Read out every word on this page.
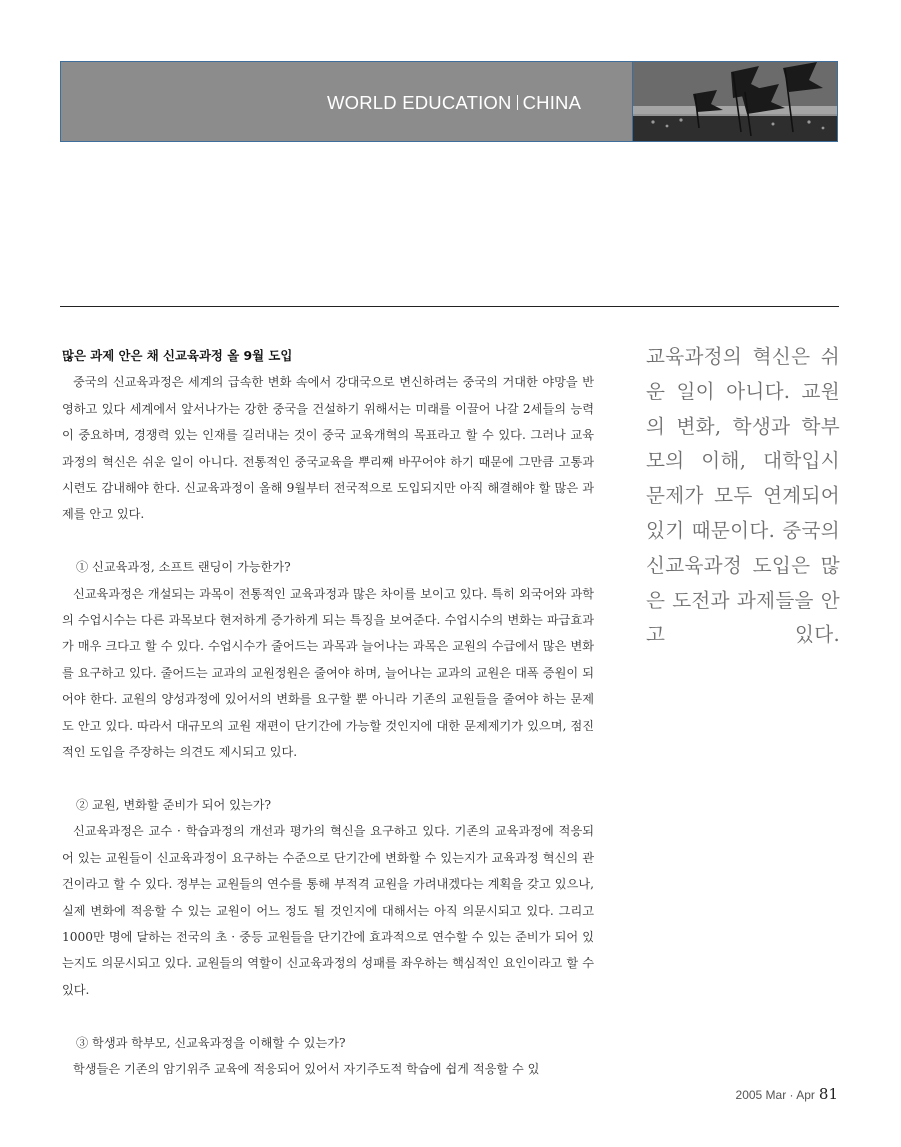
WORLD EDUCATION CHINA

많은 과제 안은 채 신교육과정 올 9월 도입

중국의 신교육과정은 세계의 급속한 변화 속에서 강대국으로 변신하려는 중국의 거대한 야망을 반영하고 있다 세계에서 앞서나가는 강한 중국을 건설하기 위해서는 미래를 이끌어 나갈 2세들의 능력이 중요하며, 경쟁력 있는 인재를 길러내는 것이 중국 교육개혁의 목표라고 할 수 있다. 그러나 교육과정의 혁신은 쉬운 일이 아니다. 전통적인 중국교육을 뿌리째 바꾸어야 하기 때문에 그만큼 고통과 시련도 감내해야 한다. 신교육과정이 올해 9월부터 전국적으로 도입되지만 아직 해결해야 할 많은 과제를 안고 있다.

① 신교육과정, 소프트 랜딩이 가능한가?

신교육과정은 개설되는 과목이 전통적인 교육과정과 많은 차이를 보이고 있다. 특히 외국어와 과학의 수업시수는 다른 과목보다 현저하게 증가하게 되는 특징을 보여준다. 수업시수의 변화는 파급효과가 매우 크다고 할 수 있다. 수업시수가 줄어드는 과목과 늘어나는 과목은 교원의 수급에서 많은 변화를 요구하고 있다. 줄어드는 교과의 교원정원은 줄여야 하며, 늘어나는 교과의 교원은 대폭 증원이 되어야 한다. 교원의 양성과정에 있어서의 변화를 요구할 뿐 아니라 기존의 교원들을 줄여야 하는 문제도 안고 있다. 따라서 대규모의 교원 재편이 단기간에 가능할 것인지에 대한 문제제기가 있으며, 점진적인 도입을 주장하는 의견도 제시되고 있다.

② 교원, 변화할 준비가 되어 있는가?

신교육과정은 교수 · 학습과정의 개선과 평가의 혁신을 요구하고 있다. 기존의 교육과정에 적응되어 있는 교원들이 신교육과정이 요구하는 수준으로 단기간에 변화할 수 있는지가 교육과정 혁신의 관건이라고 할 수 있다. 정부는 교원들의 연수를 통해 부적격 교원을 가려내겠다는 계획을 갖고 있으나, 실제 변화에 적응할 수 있는 교원이 어느 정도 될 것인지에 대해서는 아직 의문시되고 있다. 그리고 1000만 명에 달하는 전국의 초 · 중등 교원들을 단기간에 효과적으로 연수할 수 있는 준비가 되어 있는지도 의문시되고 있다. 교원들의 역할이 신교육과정의 성패를 좌우하는 핵심적인 요인이라고 할 수 있다.

③ 학생과 학부모, 신교육과정을 이해할 수 있는가?

학생들은 기존의 암기위주 교육에 적응되어 있어서 자기주도적 학습에 쉽게 적응할 수 있

교육과정의 혁신은 쉬운 일이 아니다. 교원의 변화, 학생과 학부모의 이해, 대학입시 문제가 모두 연계되어 있기 때문이다. 중국의 신교육과정 도입은 많은 도전과 과제들을 안고 있다.
2005 Mar · Apr 81
